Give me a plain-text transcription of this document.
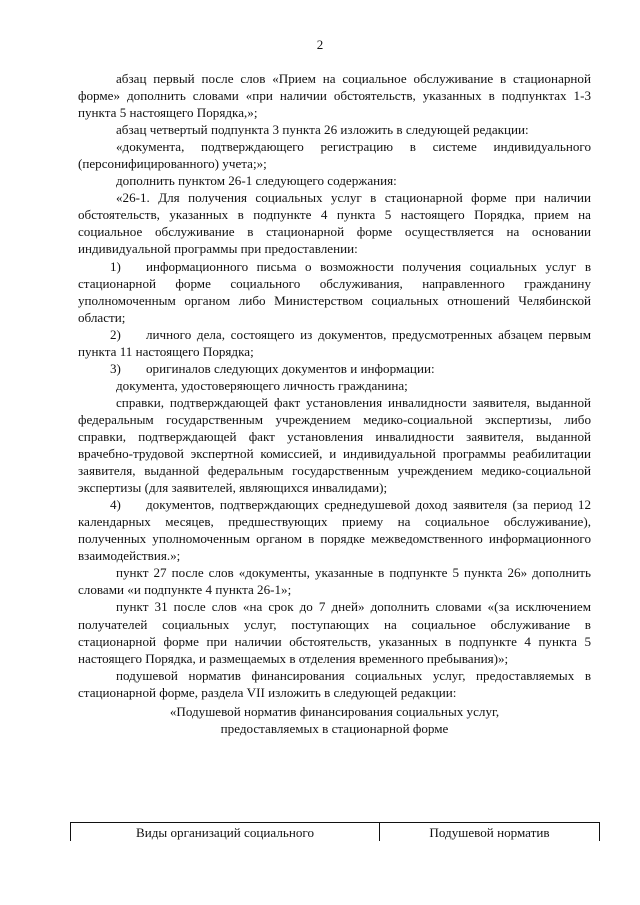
2

абзац первый после слов «Прием на социальное обслуживание в стационарной форме» дополнить словами «при наличии обстоятельств, указанных в подпунктах 1-3 пункта 5 настоящего Порядка,»;

абзац четвертый подпункта 3 пункта 26 изложить в следующей редакции:

«документа, подтверждающего регистрацию в системе индивидуального (персонифицированного) учета;»;

дополнить пунктом 26-1 следующего содержания:

«26-1. Для получения социальных услуг в стационарной форме при наличии обстоятельств, указанных в подпункте 4 пункта 5 настоящего Порядка, прием на социальное обслуживание в стационарной форме осуществляется на основании индивидуальной программы при предоставлении:

1) информационного письма о возможности получения социальных услуг в стационарной форме социального обслуживания, направленного гражданину уполномоченным органом либо Министерством социальных отношений Челябинской области;

2) личного дела, состоящего из документов, предусмотренных абзацем первым пункта 11 настоящего Порядка;

3) оригиналов следующих документов и информации:

документа, удостоверяющего личность гражданина;

справки, подтверждающей факт установления инвалидности заявителя, выданной федеральным государственным учреждением медико-социальной экспертизы, либо справки, подтверждающей факт установления инвалидности заявителя, выданной врачебно-трудовой экспертной комиссией, и индивидуальной программы реабилитации заявителя, выданной федеральным государственным учреждением медико-социальной экспертизы (для заявителей, являющихся инвалидами);

4) документов, подтверждающих среднедушевой доход заявителя (за период 12 календарных месяцев, предшествующих приему на социальное обслуживание), полученных уполномоченным органом в порядке межведомственного информационного взаимодействия.»;

пункт 27 после слов «документы, указанные в подпункте 5 пункта 26» дополнить словами «и подпункте 4 пункта 26-1»;

пункт 31 после слов «на срок до 7 дней» дополнить словами «(за исключением получателей социальных услуг, поступающих на социальное обслуживание в стационарной форме при наличии обстоятельств, указанных в подпункте 4 пункта 5 настоящего Порядка, и размещаемых в отделения временного пребывания)»;

подушевой норматив финансирования социальных услуг, предоставляемых в стационарной форме, раздела VII изложить в следующей редакции:

«Подушевой норматив финансирования социальных услуг,

предоставляемых в стационарной форме

Виды организаций социального	Подушевой норматив
